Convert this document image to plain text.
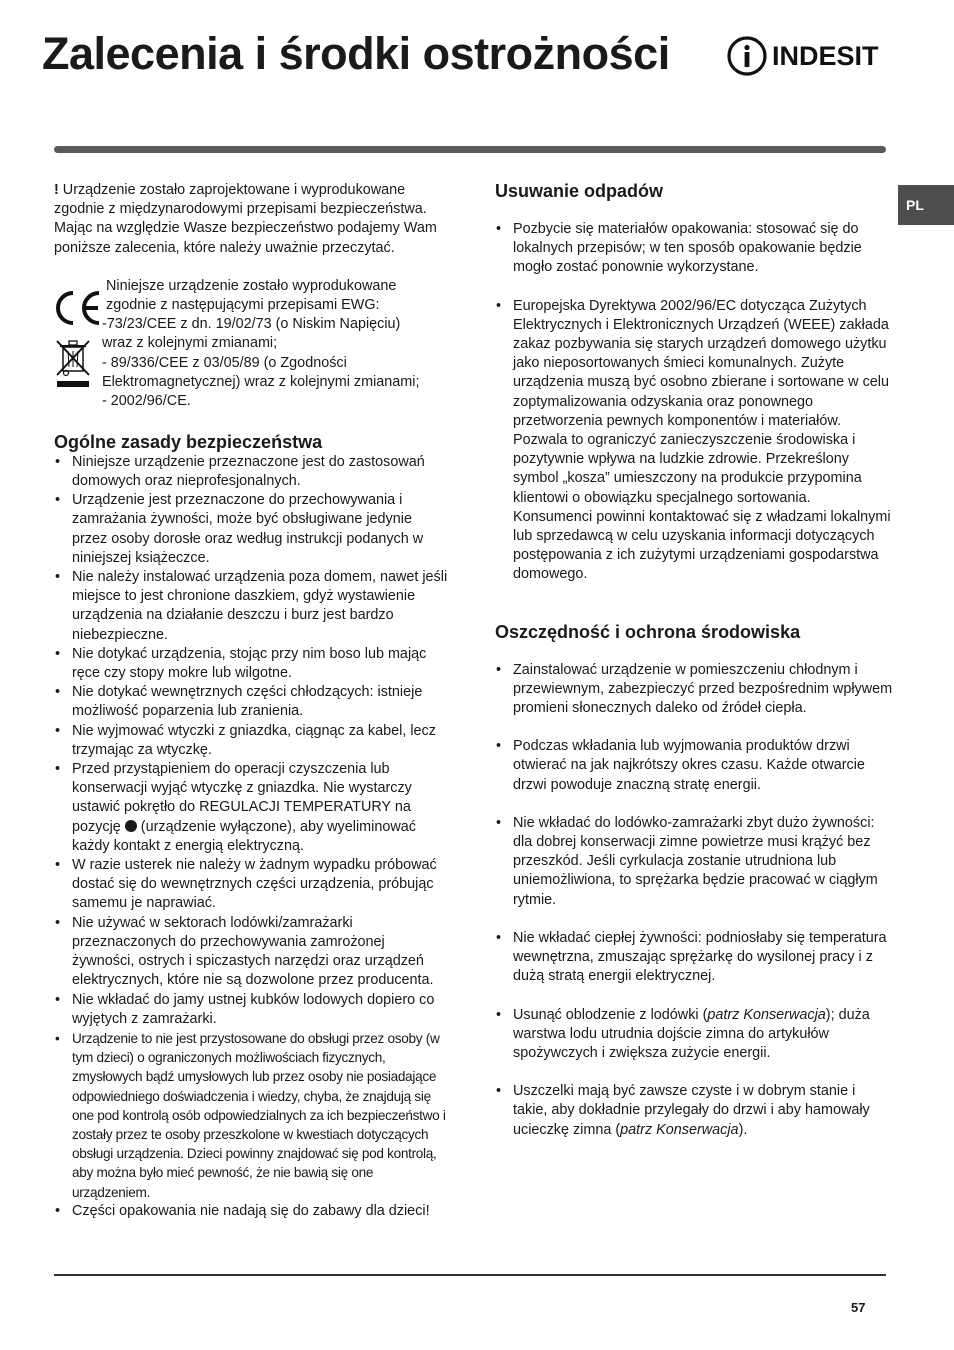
Zalecenia i środki ostrożności	INDESIT
PL

! Urządzenie zostało zaprojektowane i wyprodukowane zgodnie z międzynarodowymi przepisami bezpieczeństwa. Mając na względzie Wasze bezpieczeństwo podajemy Wam poniższe zalecenia, które należy uważnie przeczytać.

Niniejsze urządzenie zostało wyprodukowane
zgodnie z następującymi przepisami EWG:
-73/23/CEE z dn. 19/02/73 (o Niskim Napięciu)
wraz z kolejnymi zmianami;
- 89/336/CEE z 03/05/89 (o Zgodności
Elektromagnetycznej) wraz z kolejnymi zmianami;
- 2002/96/CE.
Ogólne zasady bezpieczeństwa
• Niniejsze urządzenie przeznaczone jest do zastosowań domowych oraz nieprofesjonalnych.
• Urządzenie jest przeznaczone do przechowywania i zamrażania żywności, może być obsługiwane jedynie przez osoby dorosłe oraz według instrukcji podanych w niniejszej książeczce.
• Nie należy instalować urządzenia poza domem, nawet jeśli miejsce to jest chronione daszkiem, gdyż wystawienie urządzenia na działanie deszczu i burz jest bardzo niebezpieczne.
• Nie dotykać urządzenia, stojąc przy nim boso lub mając ręce czy stopy mokre lub wilgotne.
• Nie dotykać wewnętrznych części chłodzących: istnieje możliwość poparzenia lub zranienia.
• Nie wyjmować wtyczki z gniazdka, ciągnąc za kabel, lecz trzymając za wtyczkę.
• Przed przystąpieniem do operacji czyszczenia lub konserwacji wyjąć wtyczkę z gniazdka. Nie wystarczy ustawić pokrętło do REGULACJI TEMPERATURY na pozycję (urządzenie wyłączone), aby wyeliminować każdy kontakt z energią elektryczną.
• W razie usterek nie należy w żadnym wypadku próbować dostać się do wewnętrznych części urządzenia, próbując samemu je naprawiać.
• Nie używać w sektorach lodówki/zamrażarki przeznaczonych do przechowywania zamrożonej żywności, ostrych i spiczastych narzędzi oraz urządzeń elektrycznych, które nie są dozwolone przez producenta.
• Nie wkładać do jamy ustnej kubków lodowych dopiero co wyjętych z zamrażarki.
• Urządzenie to nie jest przystosowane do obsługi przez osoby (w tym dzieci) o ograniczonych możliwościach fizycznych, zmysłowych bądź umysłowych lub przez osoby nie posiadające odpowiedniego doświadczenia i wiedzy, chyba, że znajdują się one pod kontrolą osób odpowiedzialnych za ich bezpieczeństwo i zostały przez te osoby przeszkolone w kwestiach dotyczących obsługi urządzenia. Dzieci powinny znajdować się pod kontrolą, aby można było mieć pewność, że nie bawią się one urządzeniem.
• Części opakowania nie nadają się do zabawy dla dzieci!
Usuwanie odpadów
• Pozbycie się materiałów opakowania: stosować się do lokalnych przepisów; w ten sposób opakowanie będzie mogło zostać ponownie wykorzystane.
• Europejska Dyrektywa 2002/96/EC dotycząca Zużytych Elektrycznych i Elektronicznych Urządzeń (WEEE) zakłada zakaz pozbywania się starych urządzeń domowego użytku jako nieposortowanych śmieci komunalnych. Zużyte urządzenia muszą być osobno zbierane i sortowane w celu zoptymalizowania odzyskania oraz ponownego przetworzenia pewnych komponentów i materiałów. Pozwala to ograniczyć zanieczyszczenie środowiska i pozytywnie wpływa na ludzkie zdrowie. Przekreślony symbol „kosza” umieszczony na produkcie przypomina klientowi o obowiązku specjalnego sortowania.
Konsumenci powinni kontaktować się z władzami lokalnymi lub sprzedawcą w celu uzyskania informacji dotyczących postępowania z ich zużytymi urządzeniami gospodarstwa domowego.
Oszczędność i ochrona środowiska
• Zainstalować urządzenie w pomieszczeniu chłodnym i przewiewnym, zabezpieczyć przed bezpośrednim wpływem promieni słonecznych daleko od źródeł ciepła.
• Podczas wkładania lub wyjmowania produktów drzwi otwierać na jak najkrótszy okres czasu. Każde otwarcie drzwi powoduje znaczną stratę energii.
• Nie wkładać do lodówko-zamrażarki zbyt dużo żywności: dla dobrej konserwacji zimne powietrze musi krążyć bez przeszkód. Jeśli cyrkulacja zostanie utrudniona lub uniemożliwiona, to sprężarka będzie pracować w ciągłym rytmie.
• Nie wkładać ciepłej żywności: podniosłaby się temperatura wewnętrzna, zmuszając sprężarkę do wysilonej pracy i z dużą stratą energii elektrycznej.
• Usunąć oblodzenie z lodówki (patrz Konserwacja); duża warstwa lodu utrudnia dojście zimna do artykułów spożywczych i zwiększa zużycie energii.
• Uszczelki mają być zawsze czyste i w dobrym stanie i takie, aby dokładnie przylegały do drzwi i aby hamowały ucieczkę zimna (patrz Konserwacja).
57
